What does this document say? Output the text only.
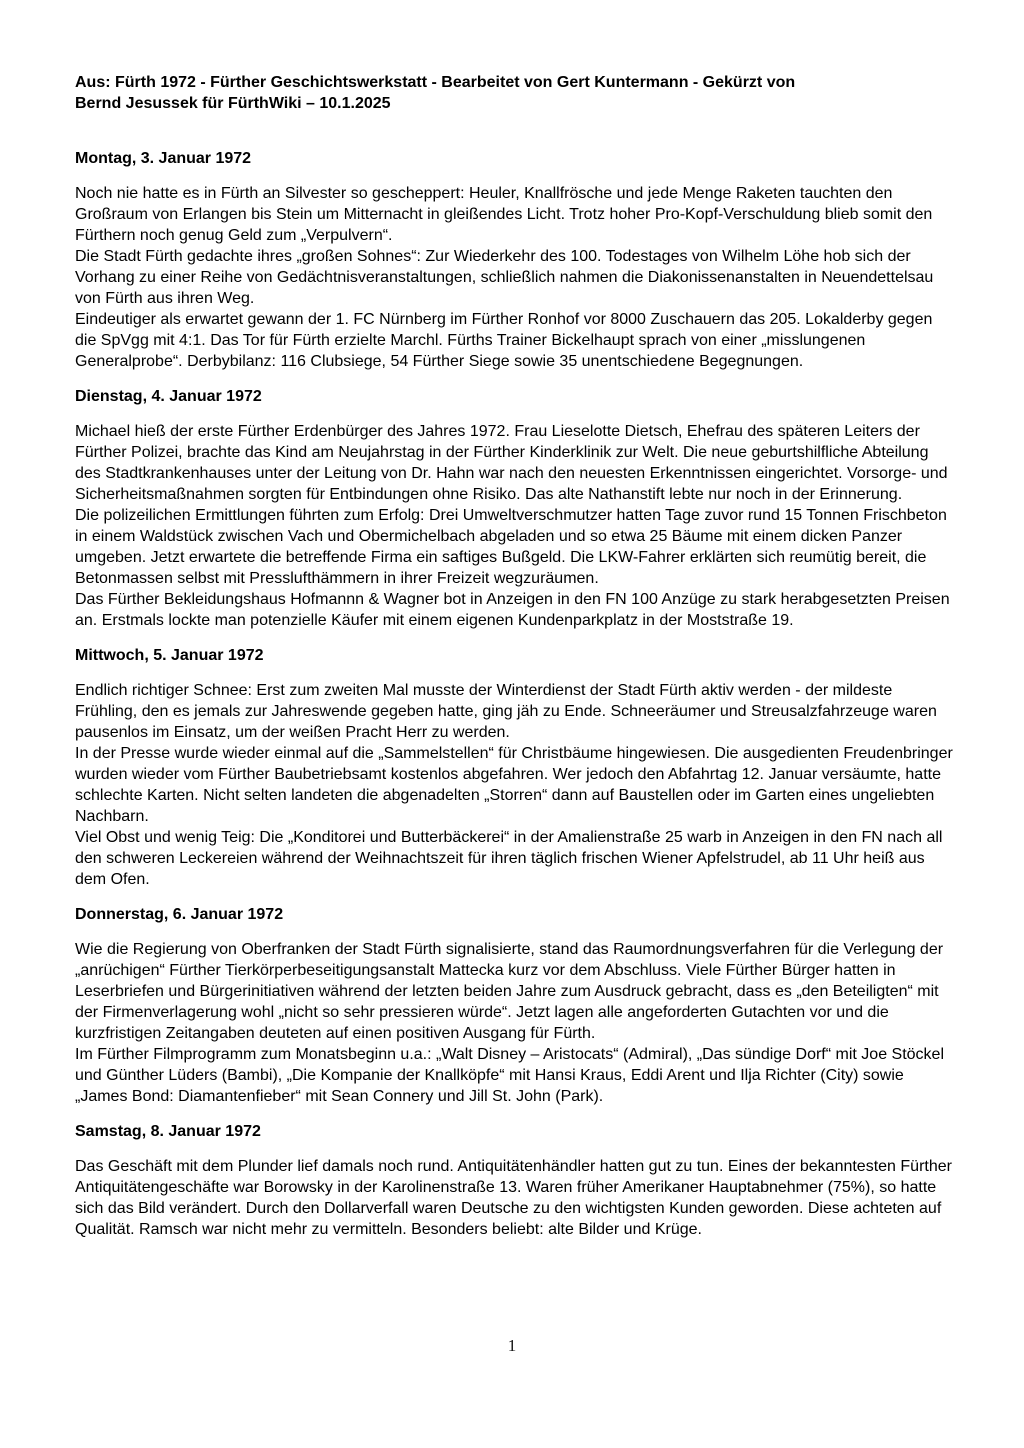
Aus: Fürth 1972 - Fürther Geschichtswerkstatt - Bearbeitet von Gert Kuntermann - Gekürzt von
Bernd Jesussek für FürthWiki – 10.1.2025
Montag, 3. Januar 1972

Noch nie hatte es in Fürth an Silvester so gescheppert: Heuler, Knallfrösche und jede Menge Raketen tauchten den Großraum von Erlangen bis Stein um Mitternacht in gleißendes Licht. Trotz hoher Pro-Kopf-Verschuldung blieb somit den Fürthern noch genug Geld zum „Verpulvern“.

Die Stadt Fürth gedachte ihres „großen Sohnes“: Zur Wiederkehr des 100. Todestages von Wilhelm Löhe hob sich der Vorhang zu einer Reihe von Gedächtnisveranstaltungen, schließlich nahmen die Diakonissenanstalten in Neuendettelsau von Fürth aus ihren Weg.

Eindeutiger als erwartet gewann der 1. FC Nürnberg im Fürther Ronhof vor 8000 Zuschauern das 205. Lokalderby gegen die SpVgg mit 4:1. Das Tor für Fürth erzielte Marchl. Fürths Trainer Bickelhaupt sprach von einer „misslungenen Generalprobe“. Derbybilanz: 116 Clubsiege, 54 Fürther Siege sowie 35 unentschiedene Begegnungen.

Dienstag, 4. Januar 1972

Michael hieß der erste Fürther Erdenbürger des Jahres 1972. Frau Lieselotte Dietsch, Ehefrau des späteren Leiters der Fürther Polizei, brachte das Kind am Neujahrstag in der Fürther Kinderklinik zur Welt. Die neue geburtshilfliche Abteilung des Stadtkrankenhauses unter der Leitung von Dr. Hahn war nach den neuesten Erkenntnissen eingerichtet. Vorsorge- und Sicherheitsmaßnahmen sorgten für Entbindungen ohne Risiko. Das alte Nathanstift lebte nur noch in der Erinnerung.

Die polizeilichen Ermittlungen führten zum Erfolg: Drei Umweltverschmutzer hatten Tage zuvor rund 15 Tonnen Frischbeton in einem Waldstück zwischen Vach und Obermichelbach abgeladen und so etwa 25 Bäume mit einem dicken Panzer umgeben. Jetzt erwartete die betreffende Firma ein saftiges Bußgeld. Die LKW-Fahrer erklärten sich reumütig bereit, die Betonmassen selbst mit Presslufthämmern in ihrer Freizeit wegzuräumen.

Das Fürther Bekleidungshaus Hofmannn & Wagner bot in Anzeigen in den FN 100 Anzüge zu stark herabgesetzten Preisen an. Erstmals lockte man potenzielle Käufer mit einem eigenen Kundenparkplatz in der Moststraße 19.

Mittwoch, 5. Januar 1972

Endlich richtiger Schnee: Erst zum zweiten Mal musste der Winterdienst der Stadt Fürth aktiv werden - der mildeste Frühling, den es jemals zur Jahreswende gegeben hatte, ging jäh zu Ende. Schneeräumer und Streusalzfahrzeuge waren pausenlos im Einsatz, um der weißen Pracht Herr zu werden.

In der Presse wurde wieder einmal auf die „Sammelstellen“ für Christbäume hingewiesen. Die ausgedienten Freudenbringer wurden wieder vom Fürther Baubetriebsamt kostenlos abgefahren. Wer jedoch den Abfahrtag 12. Januar versäumte, hatte schlechte Karten. Nicht selten landeten die abgenadelten „Storren“ dann auf Baustellen oder im Garten eines ungeliebten Nachbarn.

Viel Obst und wenig Teig: Die „Konditorei und Butterbäckerei“ in der Amalienstraße 25 warb in Anzeigen in den FN nach all den schweren Leckereien während der Weihnachtszeit für ihren täglich frischen Wiener Apfelstrudel, ab 11 Uhr heiß aus dem Ofen.

Donnerstag, 6. Januar 1972

Wie die Regierung von Oberfranken der Stadt Fürth signalisierte, stand das Raumordnungsverfahren für die Verlegung der „anrüchigen“ Fürther Tierkörperbeseitigungsanstalt Mattecka kurz vor dem Abschluss. Viele Fürther Bürger hatten in Leserbriefen und Bürgerinitiativen während der letzten beiden Jahre zum Ausdruck gebracht, dass es „den Beteiligten“ mit der Firmenverlagerung wohl „nicht so sehr pressieren würde“. Jetzt lagen alle angeforderten Gutachten vor und die kurzfristigen Zeitangaben deuteten auf einen positiven Ausgang für Fürth.

Im Fürther Filmprogramm zum Monatsbeginn u.a.: „Walt Disney – Aristocats“ (Admiral), „Das sündige Dorf“ mit Joe Stöckel und Günther Lüders (Bambi), „Die Kompanie der Knallköpfe“ mit Hansi Kraus, Eddi Arent und Ilja Richter (City) sowie „James Bond: Diamantenfieber“ mit Sean Connery und Jill St. John (Park).

Samstag, 8. Januar 1972

Das Geschäft mit dem Plunder lief damals noch rund. Antiquitätenhändler hatten gut zu tun. Eines der bekanntesten Fürther Antiquitätengeschäfte war Borowsky in der Karolinenstraße 13. Waren früher Amerikaner Hauptabnehmer (75%), so hatte sich das Bild verändert. Durch den Dollarverfall waren Deutsche zu den wichtigsten Kunden geworden. Diese achteten auf Qualität. Ramsch war nicht mehr zu vermitteln. Besonders beliebt: alte Bilder und Krüge.

1
